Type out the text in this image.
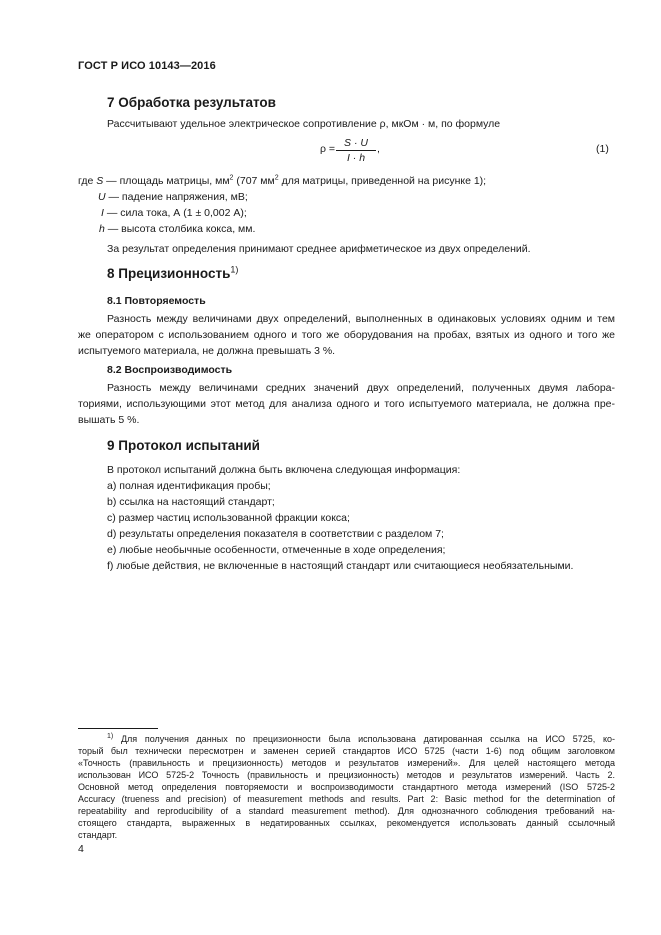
ГОСТ Р ИСО 10143—2016
7 Обработка результатов
Рассчитывают удельное электрическое сопротивление ρ, мкОм · м, по формуле
ρ = S · U
I · h
,	(1)
где S — площадь матрицы, $мм^2$ (707 $мм^2$ для матрицы, приведенной на рисунке 1);
U — падение напряжения, мВ;
I — сила тока, А (1 ± 0,002 А);
h — высота столбика кокса, мм.
За результат определения принимают среднее арифметическое из двух определений.
8 Прецизионность$^{1)}$
8.1 Повторяемость
Разность между величинами двух определений, выполненных в одинаковых условиях одним и тем
же оператором с использованием одного и того же оборудования на пробах, взятых из одного и того же
испытуемого материала, не должна превышать 3 %.
8.2 Воспроизводимость
Разность между величинами средних значений двух определений, полученных двумя лабора-
ториями, использующими этот метод для анализа одного и того испытуемого материала, не должна пре-
вышать 5 %.
9 Протокол испытаний
В протокол испытаний должна быть включена следующая информация:
a) полная идентификация пробы;
b) ссылка на настоящий стандарт;
c) размер частиц использованной фракции кокса;
d) результаты определения показателя в соответствии с разделом 7;
e) любые необычные особенности, отмеченные в ходе определения;
f) любые действия, не включенные в настоящий стандарт или считающиеся необязательными.
$^{1)}$ Для получения данных по прецизионности была использована датированная ссылка на ИСО 5725, ко-
торый был технически пересмотрен и заменен серией стандартов ИСО 5725 (части 1-6) под общим заголовком
«Точность (правильность и прецизионность) методов и результатов измерений». Для целей настоящего метода
использован ИСО 5725-2 Точность (правильность и прецизионность) методов и результатов измерений. Часть 2.
Основной метод определения повторяемости и воспроизводимости стандартного метода измерений (ISO 5725-2
Accuracy (trueness and precision) of measurement methods and results. Part 2: Basic method for the determination of
repeatability and reproducibility of a standard measurement method). Для однозначного соблюдения требований на-
стоящего стандарта, выраженных в недатированных ссылках, рекомендуется использовать данный ссылочный
стандарт.
4
